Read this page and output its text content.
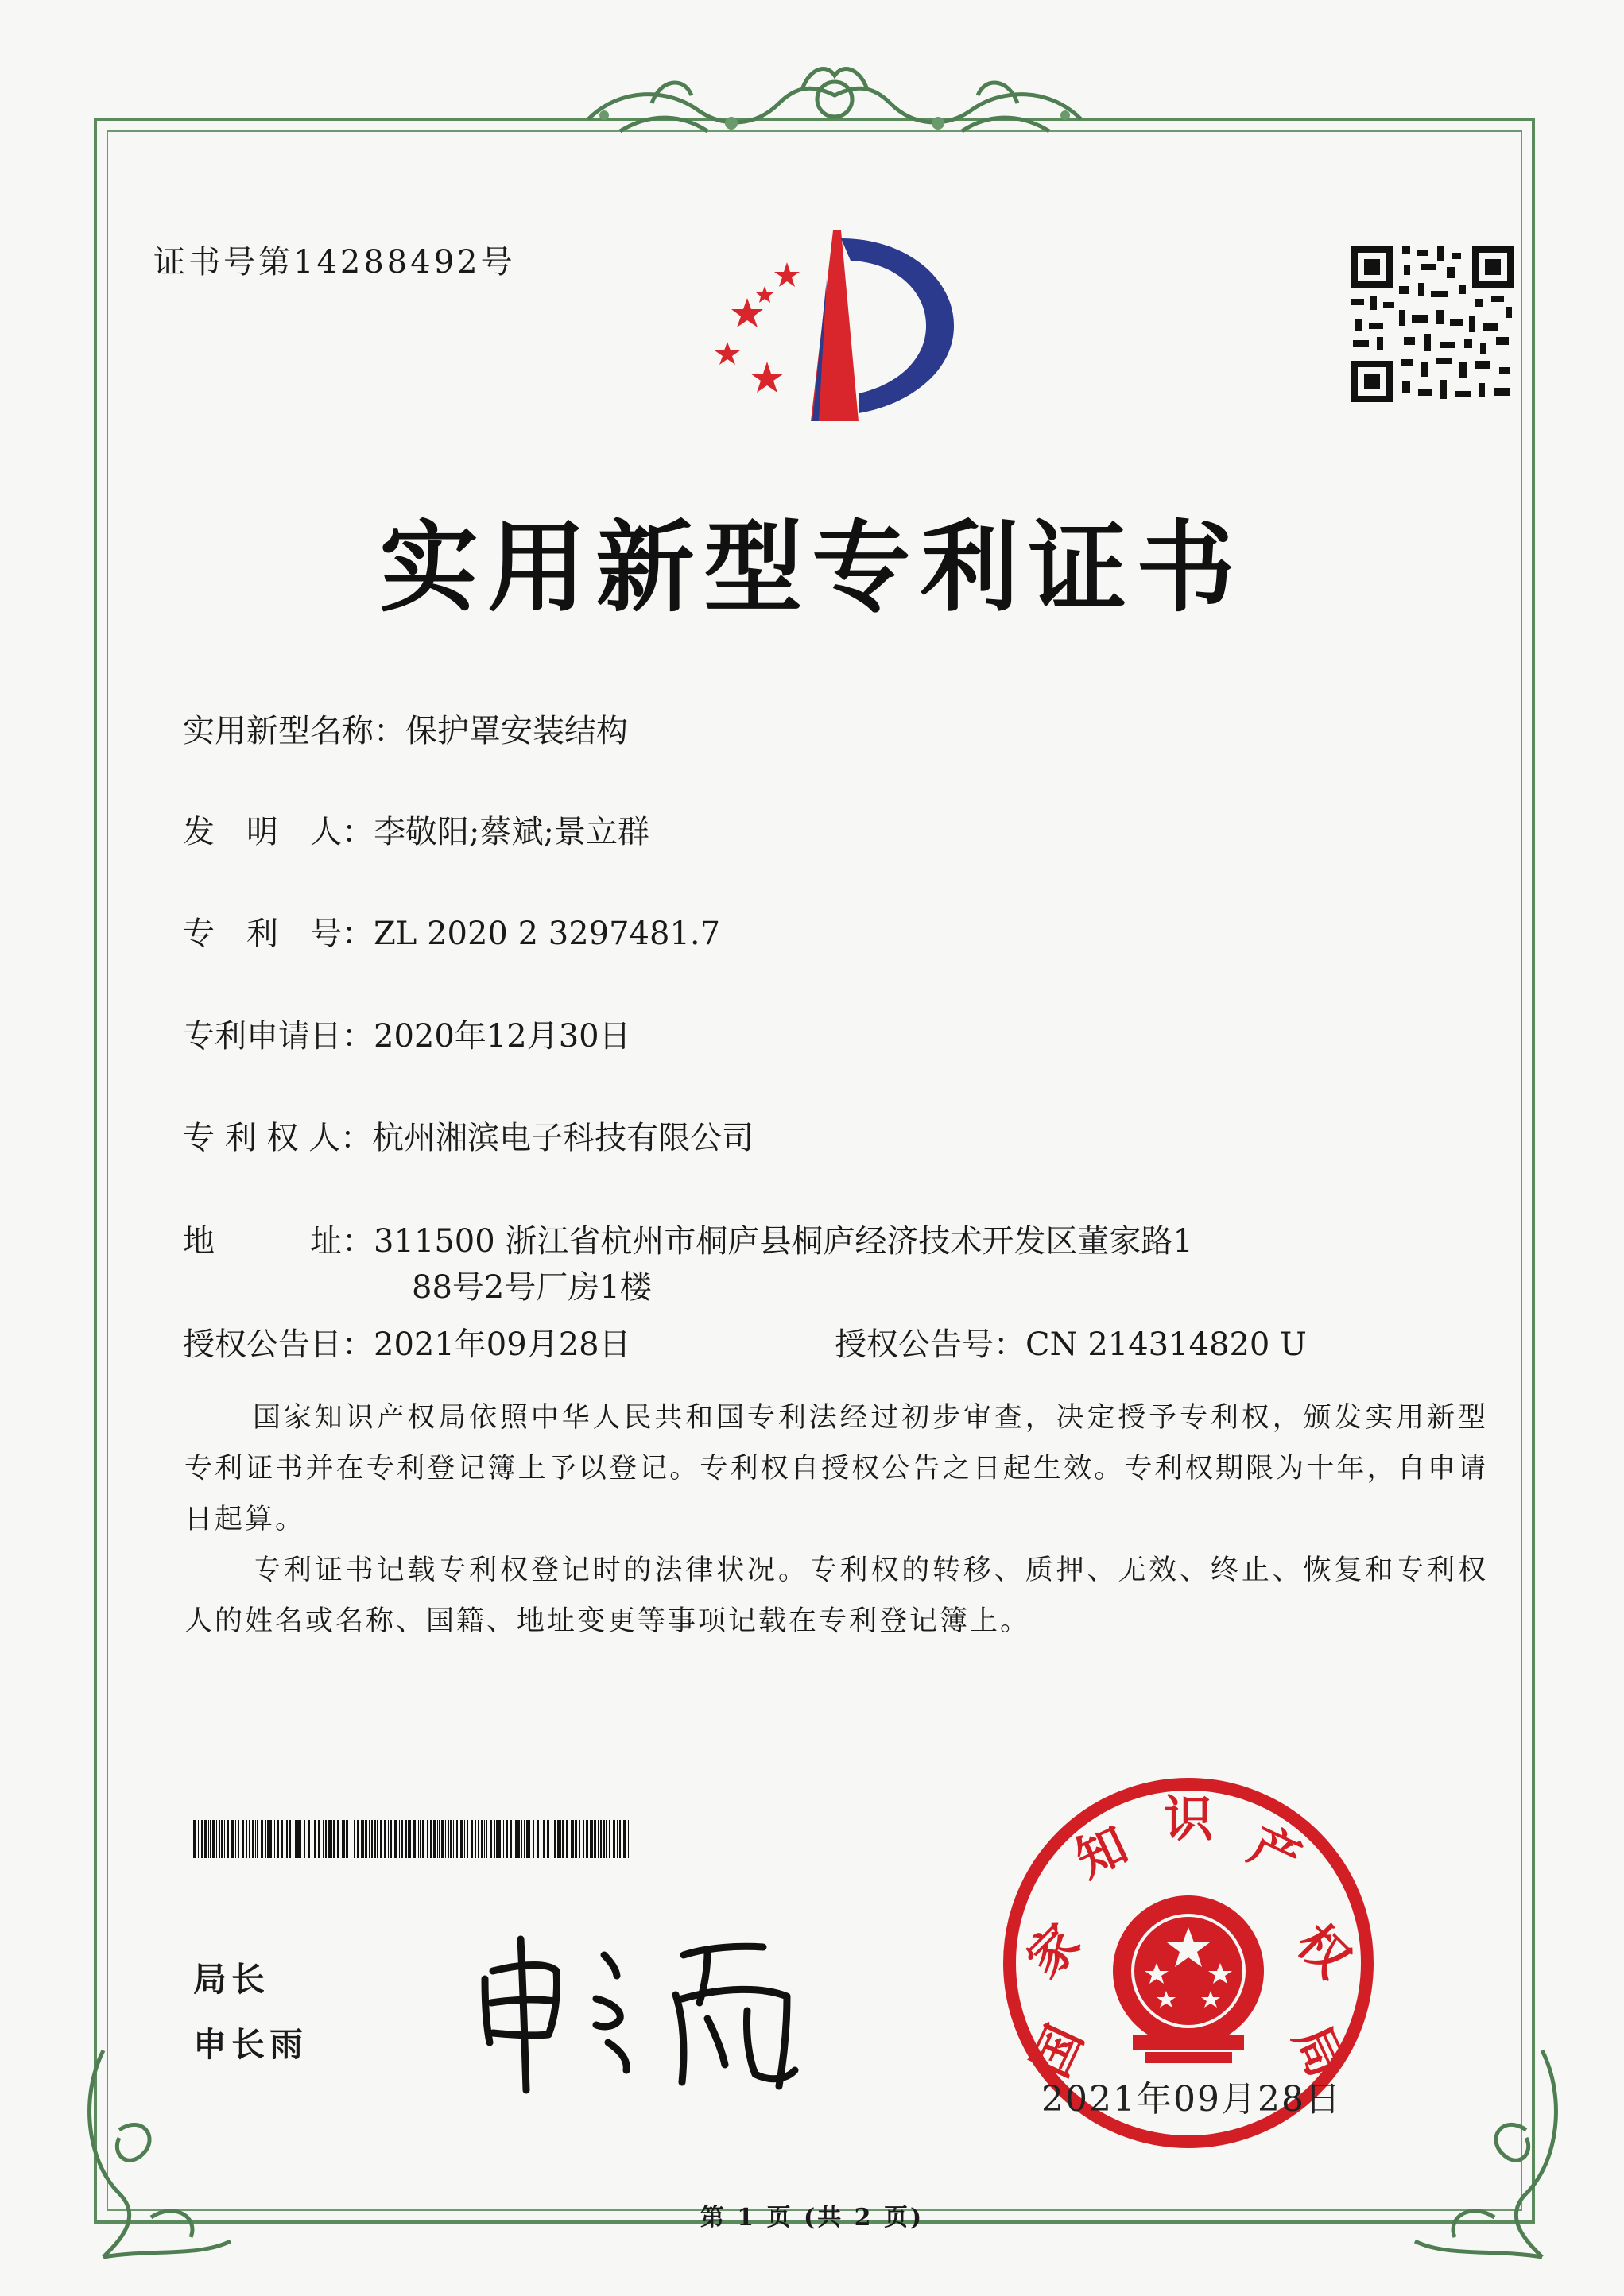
证书号第14288492号
实用新型专利证书
实用新型名称：保护罩安装结构
发　明　人：李敬阳;蔡斌;景立群
专　利　号：ZL 2020 2 3297481.7
专利申请日：2020年12月30日
专 利 权 人：杭州湘滨电子科技有限公司
地　　　址：311500 浙江省杭州市桐庐县桐庐经济技术开发区董家路1
88号2号厂房1楼
授权公告日：2021年09月28日	授权公告号：CN 214314820 U
国家知识产权局依照中华人民共和国专利法经过初步审查，决定授予专利权，颁发实用新型专利证书并在专利登记簿上予以登记。专利权自授权公告之日起生效。专利权期限为十年，自申请日起算。
专利证书记载专利权登记时的法律状况。专利权的转移、质押、无效、终止、恢复和专利权人的姓名或名称、国籍、地址变更等事项记载在专利登记簿上。
局长
申长雨	国
家
知 识 产
权
局
2021年09月28日
第 1 页 (共 2 页)
